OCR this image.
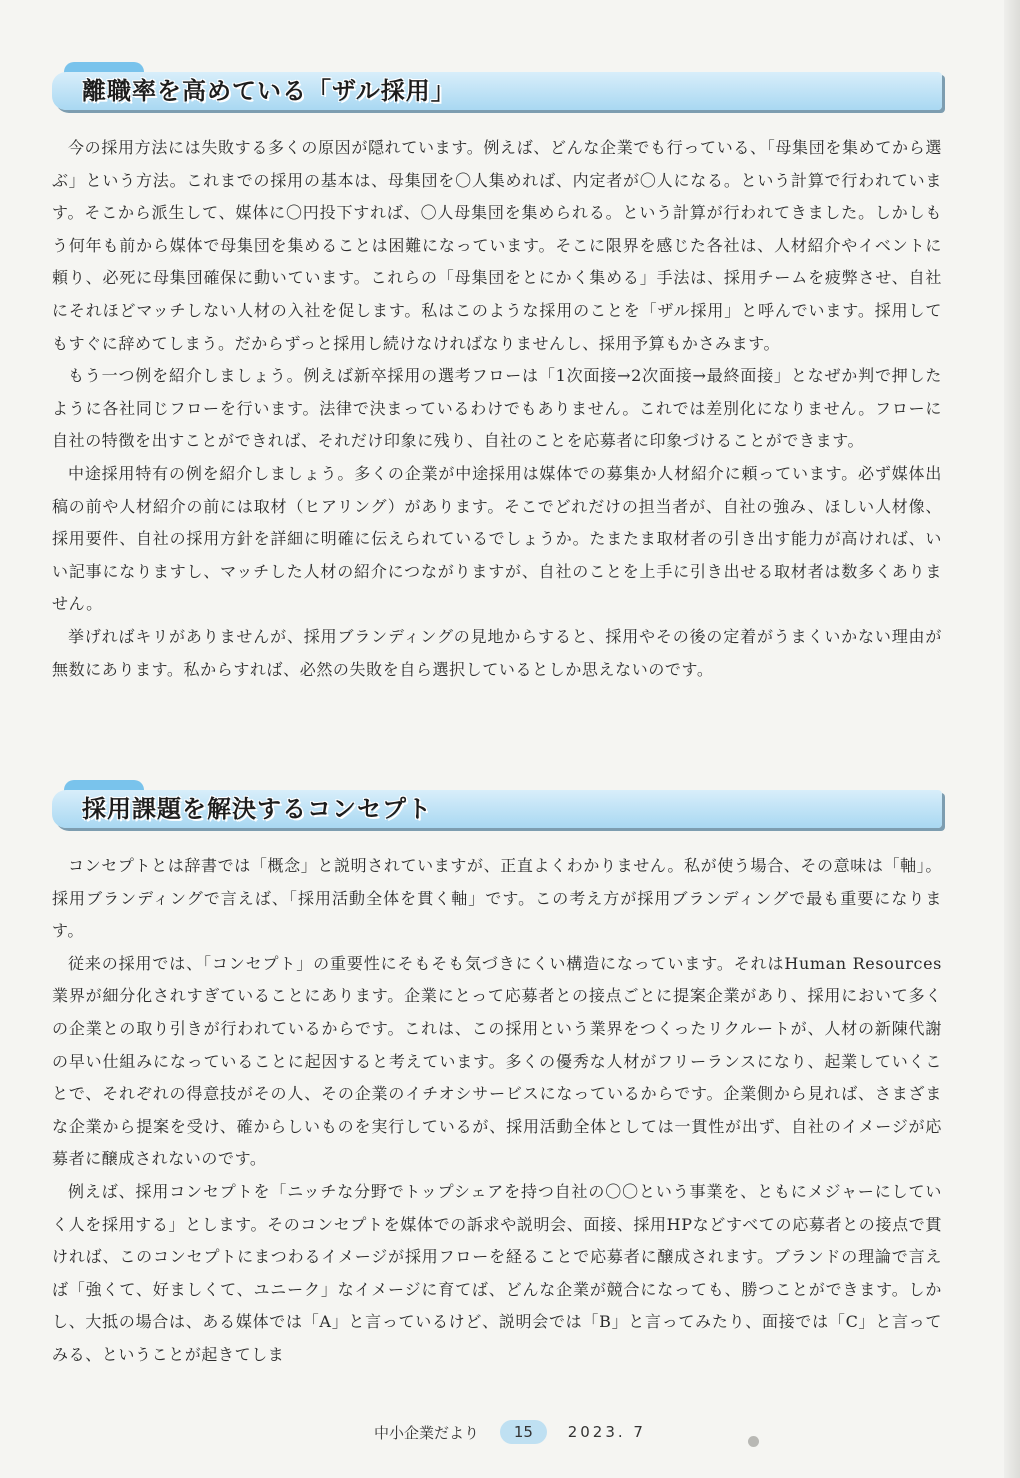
離職率を高めている「ザル採用」

今の採用方法には失敗する多くの原因が隠れています。例えば、どんな企業でも行っている、「母集団を集めてから選ぶ」という方法。これまでの採用の基本は、母集団を〇人集めれば、内定者が〇人になる。という計算で行われています。そこから派生して、媒体に〇円投下すれば、〇人母集団を集められる。という計算が行われてきました。しかしもう何年も前から媒体で母集団を集めることは困難になっています。そこに限界を感じた各社は、人材紹介やイベントに頼り、必死に母集団確保に動いています。これらの「母集団をとにかく集める」手法は、採用チームを疲弊させ、自社にそれほどマッチしない人材の入社を促します。私はこのような採用のことを「ザル採用」と呼んでいます。採用してもすぐに辞めてしまう。だからずっと採用し続けなければなりませんし、採用予算もかさみます。

もう一つ例を紹介しましょう。例えば新卒採用の選考フローは「1次面接→2次面接→最終面接」となぜか判で押したように各社同じフローを行います。法律で決まっているわけでもありません。これでは差別化になりません。フローに自社の特徴を出すことができれば、それだけ印象に残り、自社のことを応募者に印象づけることができます。

中途採用特有の例を紹介しましょう。多くの企業が中途採用は媒体での募集か人材紹介に頼っています。必ず媒体出稿の前や人材紹介の前には取材（ヒアリング）があります。そこでどれだけの担当者が、自社の強み、ほしい人材像、採用要件、自社の採用方針を詳細に明確に伝えられているでしょうか。たまたま取材者の引き出す能力が高ければ、いい記事になりますし、マッチした人材の紹介につながりますが、自社のことを上手に引き出せる取材者は数多くありません。

挙げればキリがありませんが、採用ブランディングの見地からすると、採用やその後の定着がうまくいかない理由が無数にあります。私からすれば、必然の失敗を自ら選択しているとしか思えないのです。

採用課題を解決するコンセプト

コンセプトとは辞書では「概念」と説明されていますが、正直よくわかりません。私が使う場合、その意味は「軸」。採用ブランディングで言えば、「採用活動全体を貫く軸」です。この考え方が採用ブランディングで最も重要になります。

従来の採用では、「コンセプト」の重要性にそもそも気づきにくい構造になっています。それはHuman Resources業界が細分化されすぎていることにあります。企業にとって応募者との接点ごとに提案企業があり、採用において多くの企業との取り引きが行われているからです。これは、この採用という業界をつくったリクルートが、人材の新陳代謝の早い仕組みになっていることに起因すると考えています。多くの優秀な人材がフリーランスになり、起業していくことで、それぞれの得意技がその人、その企業のイチオシサービスになっているからです。企業側から見れば、さまざまな企業から提案を受け、確からしいものを実行しているが、採用活動全体としては一貫性が出ず、自社のイメージが応募者に醸成されないのです。

例えば、採用コンセプトを「ニッチな分野でトップシェアを持つ自社の〇〇という事業を、ともにメジャーにしていく人を採用する」とします。そのコンセプトを媒体での訴求や説明会、面接、採用HPなどすべての応募者との接点で貫ければ、このコンセプトにまつわるイメージが採用フローを経ることで応募者に醸成されます。ブランドの理論で言えば「強くて、好ましくて、ユニーク」なイメージに育てば、どんな企業が競合になっても、勝つことができます。しかし、大抵の場合は、ある媒体では「A」と言っているけど、説明会では「B」と言ってみたり、面接では「C」と言ってみる、ということが起きてしま

中小企業だより 15 2023. 7
